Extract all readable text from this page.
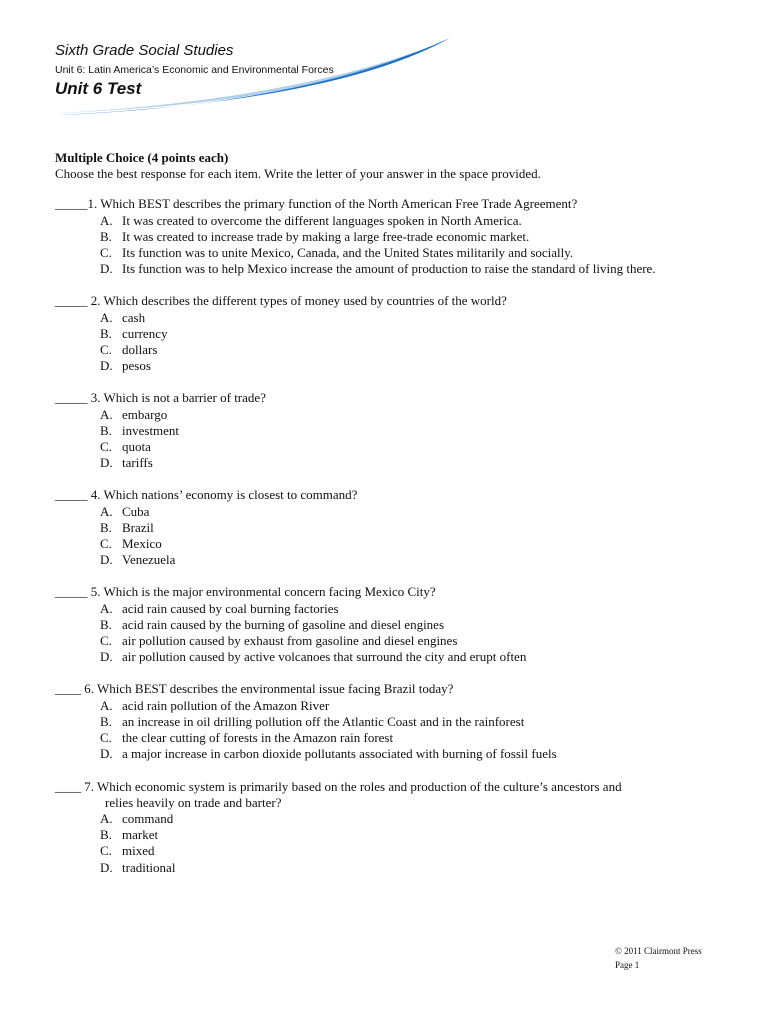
Sixth Grade Social Studies
Unit 6: Latin America’s Economic and Environmental Forces
Unit 6 Test
Multiple Choice (4 points each)
Choose the best response for each item. Write the letter of your answer in the space provided.
_____ 1. Which BEST describes the primary function of the North American Free Trade Agreement?
A. It was created to overcome the different languages spoken in North America.
B. It was created to increase trade by making a large free-trade economic market.
C. Its function was to unite Mexico, Canada, and the United States militarily and socially.
D. Its function was to help Mexico increase the amount of production to raise the standard of living there.
_____ 2. Which describes the different types of money used by countries of the world?
A. cash
B. currency
C. dollars
D. pesos
_____ 3. Which is not a barrier of trade?
A. embargo
B. investment
C. quota
D. tariffs
_____ 4. Which nations’ economy is closest to command?
A. Cuba
B. Brazil
C. Mexico
D. Venezuela
_____ 5. Which is the major environmental concern facing Mexico City?
A. acid rain caused by coal burning factories
B. acid rain caused by the burning of gasoline and diesel engines
C. air pollution caused by exhaust from gasoline and diesel engines
D. air pollution caused by active volcanoes that surround the city and erupt often
____ 6. Which BEST describes the environmental issue facing Brazil today?
A. acid rain pollution of the Amazon River
B. an increase in oil drilling pollution off the Atlantic Coast and in the rainforest
C. the clear cutting of forests in the Amazon rain forest
D. a major increase in carbon dioxide pollutants associated with burning of fossil fuels
____ 7. Which economic system is primarily based on the roles and production of the culture’s ancestors and
relies heavily on trade and barter?
A. command
B. market
C. mixed
D. traditional
© 2011 Clairmont Press
Page 1
